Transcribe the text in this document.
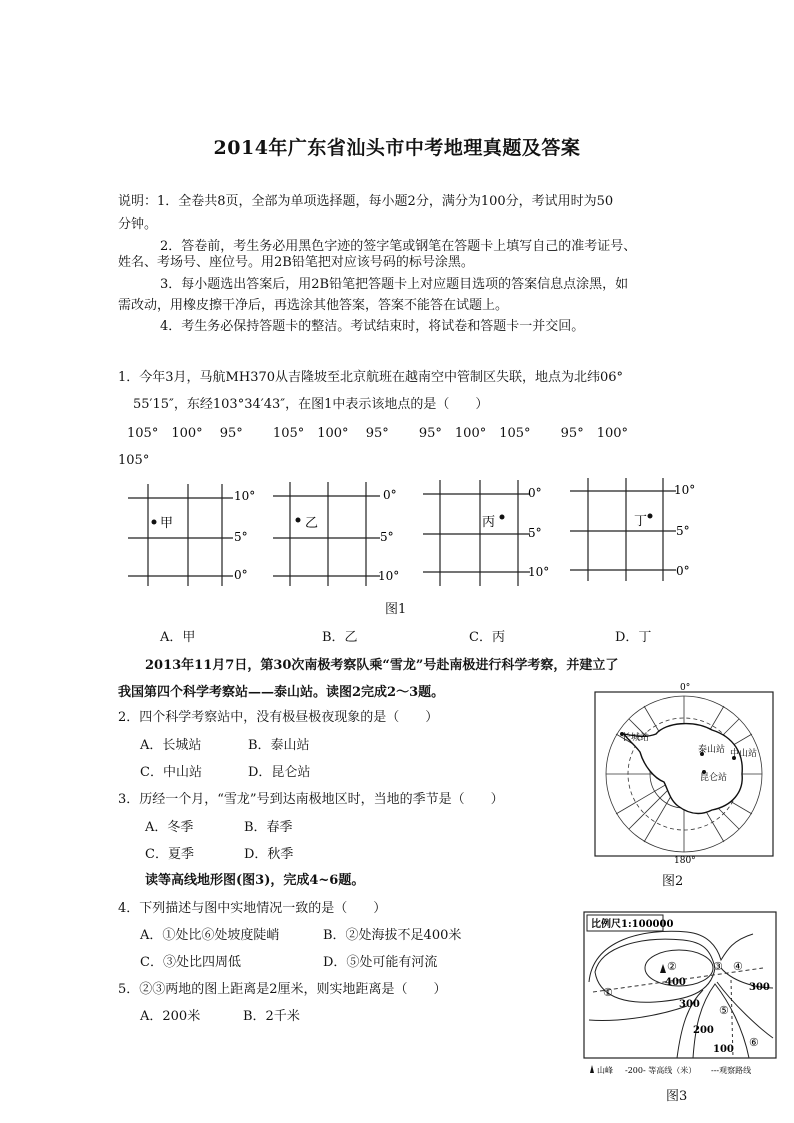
2014年广东省汕头市中考地理真题及答案
说明：1．全卷共8页，全部为单项选择题，每小题2分，满分为100分，考试用时为50
分钟。
2．答卷前，考生务必用黑色字迹的签字笔或钢笔在答题卡上填写自己的准考证号、
姓名、考场号、座位号。用2B铅笔把对应该号码的标号涂黑。
3．每小题选出答案后，用2B铅笔把答题卡上对应题目选项的答案信息点涂黑，如
需改动，用橡皮擦干净后，再选涂其他答案，答案不能答在试题上。
4．考生务必保持答题卡的整洁。考试结束时，将试卷和答题卡一并交回。
1．今年3月，马航MH370从吉隆坡至北京航班在越南空中管制区失联，地点为北纬06°
55′15″，东经103°34′43″，在图1中表示该地点的是（　　）
105°　100°　 95°　　 105°　100°　 95°　　 95°　100°　105°　　 95°　100°
105°
甲
10°
5°
0°
乙
0°
5°
10°
丙
0°
5°
10°
丁
10°
5°
0°
图1
A．甲	B．乙	C．丙	D．丁
2013年11月7日，第30次南极考察队乘“雪龙”号赴南极进行科学考察，并建立了
我国第四个科学考察站——泰山站。读图2完成2～3题。
2．四个科学考察站中，没有极昼极夜现象的是（　　）
A．长城站	B．泰山站
C．中山站	D．昆仑站
3．历经一个月，“雪龙”号到达南极地区时，当地的季节是（　　）
A．冬季	B．春季
C．夏季	D．秋季
0°
180°
长城站
泰山站 中山站
昆仑站
图2
读等高线地形图(图3)，完成4~6题。
4．下列描述与图中实地情况一致的是（　　）
A．①处比⑥处坡度陡峭	B．②处海拔不足400米
C．③处比四周低	D．⑤处可能有河流
5．②③两地的图上距离是2厘米，则实地距离是（　　）
A．200米	B．2千米
比例尺1:100000
①
②
400
③ ④
300
300
⑤
200
100
⑥
山峰 -200- 等高线（米） ---观察路线
图3
